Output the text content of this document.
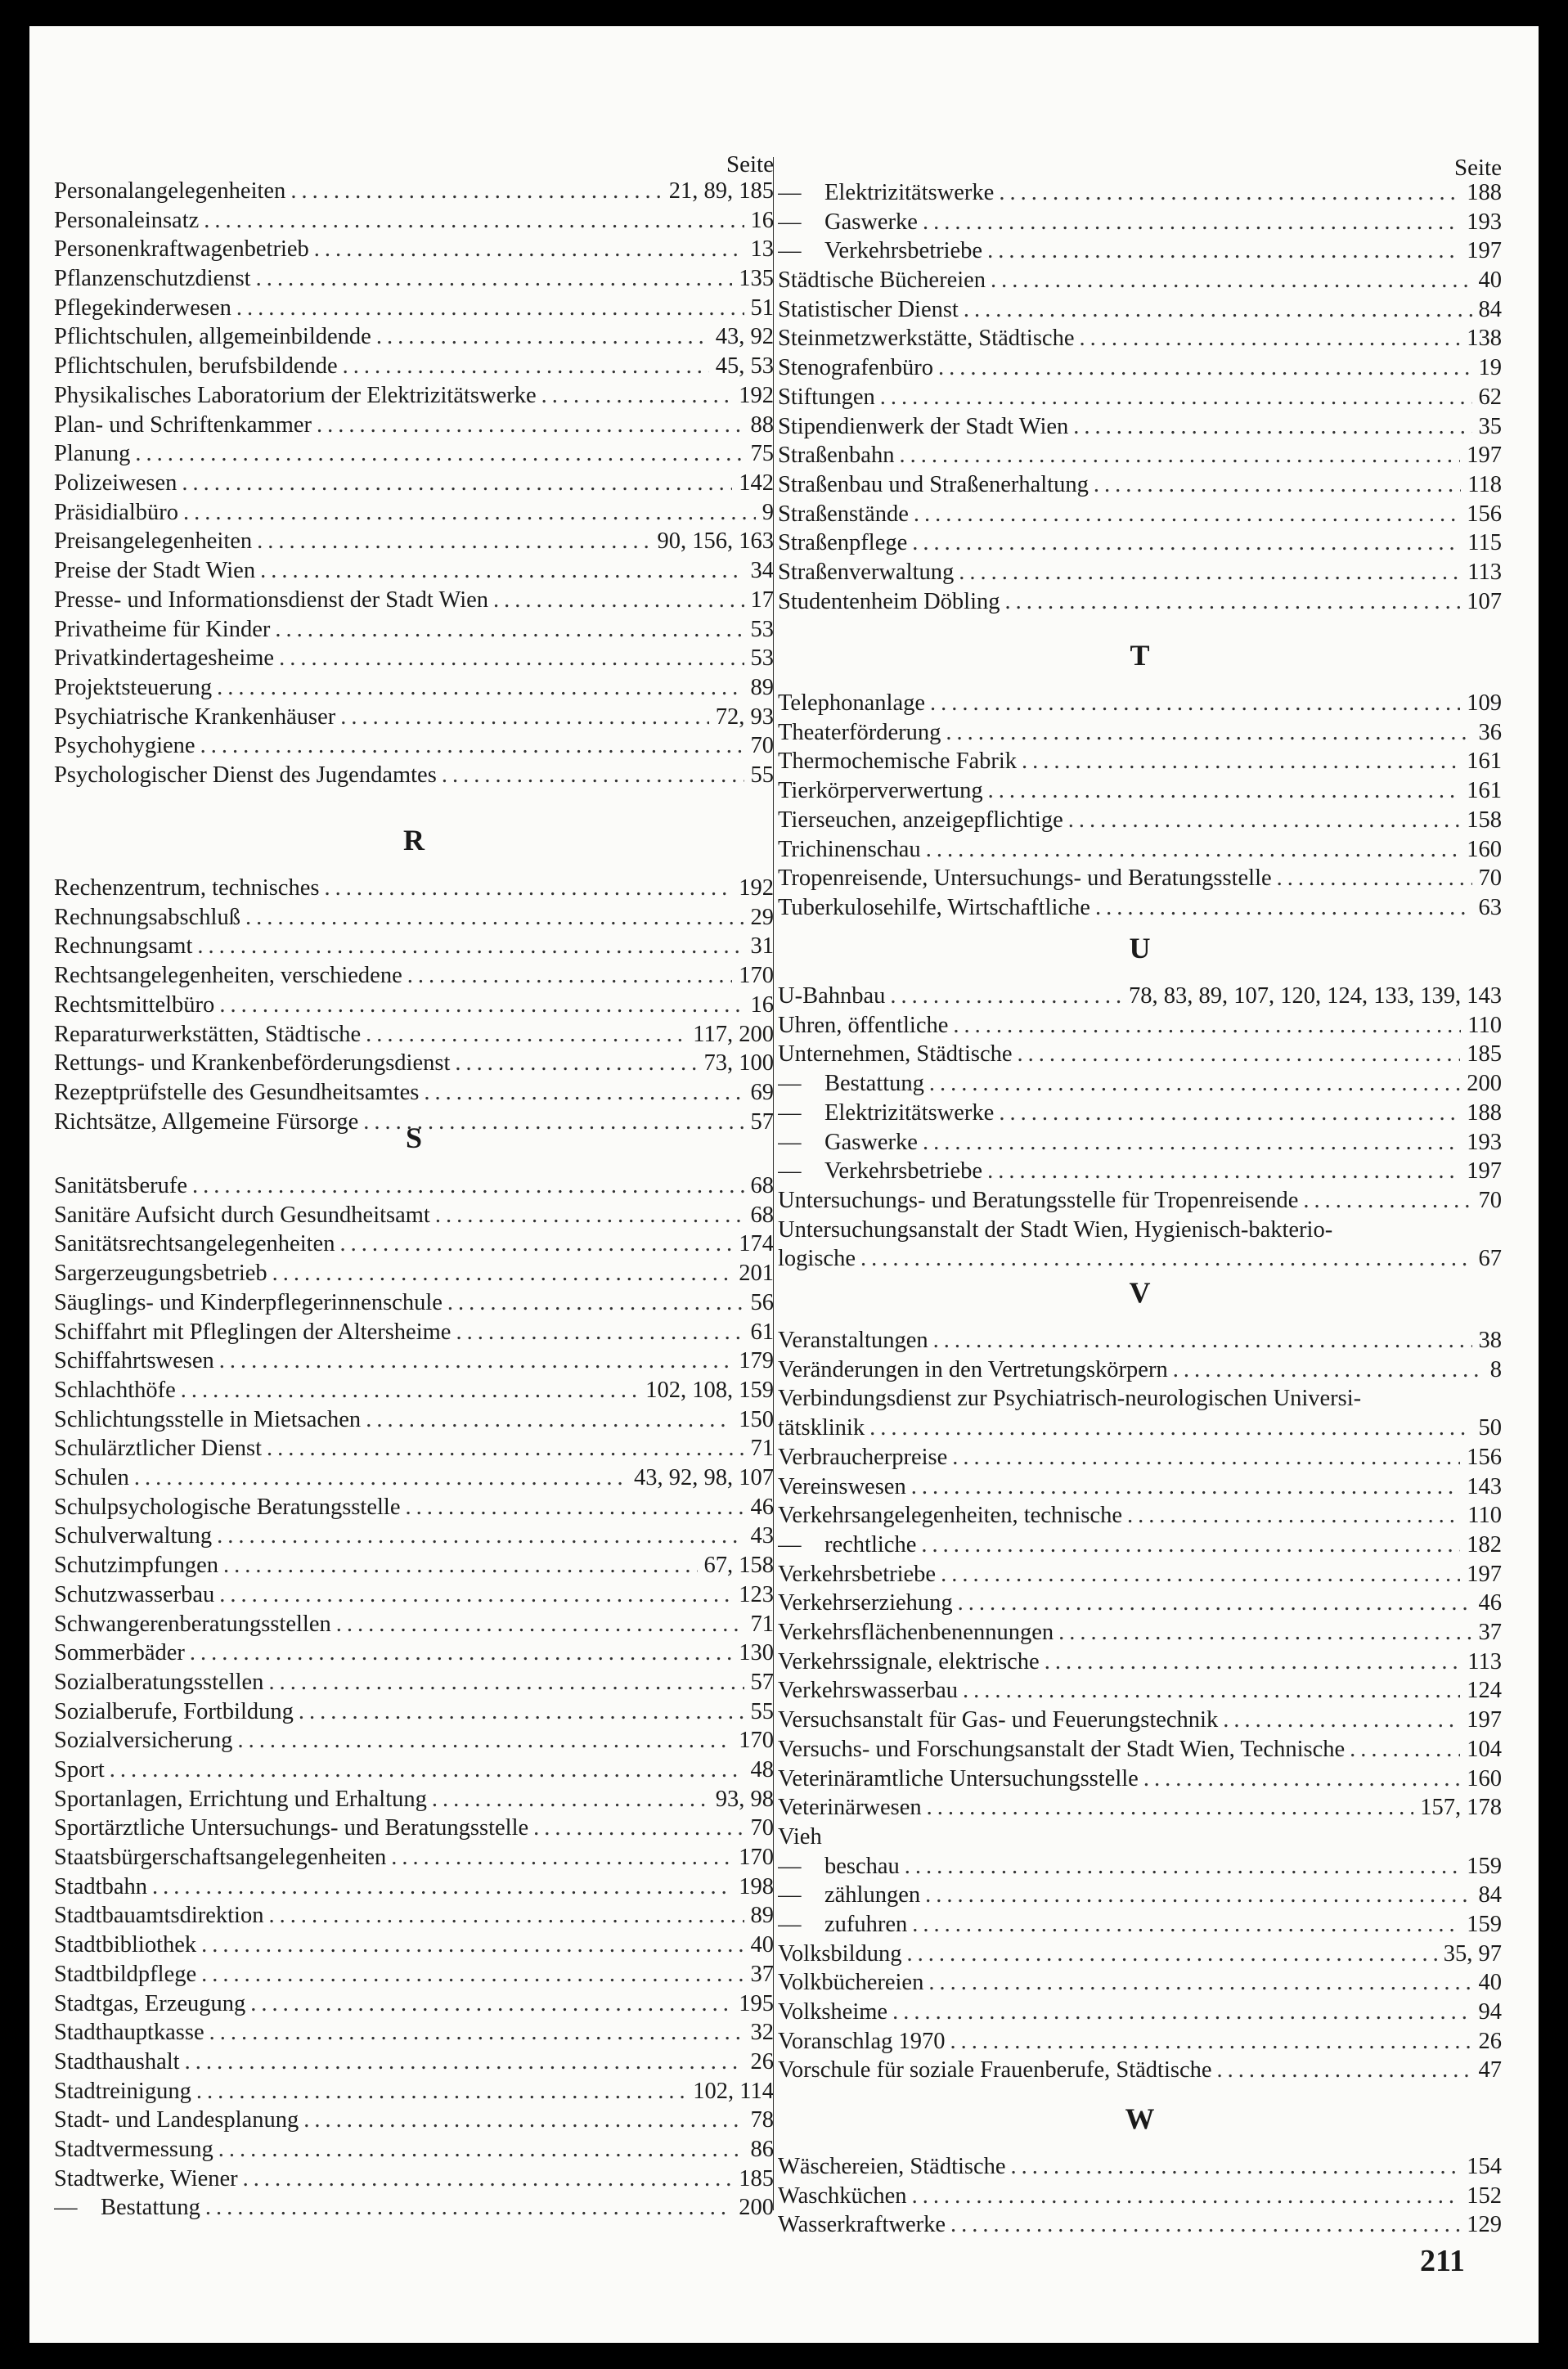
Seite
Personalangelegenheiten .....	21, 89, 185
Personaleinsatz .....	16
Personenkraftwagenbetrieb .....	13
Pflanzenschutzdienst .....	135
Pflegekinderwesen .....	51
Pflichtschulen, allgemeinbildende .....	43, 92
Pflichtschulen, berufsbildende .....	45, 53
Physikalisches Laboratorium der Elektrizitätswerke .....	192
Plan- und Schriftenkammer .....	88
Planung .....	75
Polizeiwesen .....	142
Präsidialbüro .....	9
Preisangelegenheiten .....	90, 156, 163
Preise der Stadt Wien .....	34
Presse- und Informationsdienst der Stadt Wien .....	17
Privatheime für Kinder .....	53
Privatkindertagesheime .....	53
Projektsteuerung .....	89
Psychiatrische Krankenhäuser .....	72, 93
Psychohygiene .....	70
Psychologischer Dienst des Jugendamtes .....	55
R
Rechenzentrum, technisches .....	192
Rechnungsabschluß .....	29
Rechnungsamt .....	31
Rechtsangelegenheiten, verschiedene .....	170
Rechtsmittelbüro .....	16
Reparaturwerkstätten, Städtische .....	117, 200
Rettungs- und Krankenbeförderungsdienst .....	73, 100
Rezeptprüfstelle des Gesundheitsamtes .....	69
Richtsätze, Allgemeine Fürsorge .....	57
S
Sanitätsberufe .....	68
Sanitäre Aufsicht durch Gesundheitsamt .....	68
Sanitätsrechtsangelegenheiten .....	174
Sargerzeugungsbetrieb .....	201
Säuglings- und Kinderpflegerinnenschule .....	56
Schiffahrt mit Pfleglingen der Altersheime .....	61
Schiffahrtswesen .....	179
Schlachthöfe .....	102, 108, 159
Schlichtungsstelle in Mietsachen .....	150
Schulärztlicher Dienst .....	71
Schulen .....	43, 92, 98, 107
Schulpsychologische Beratungsstelle .....	46
Schulverwaltung .....	43
Schutzimpfungen .....	67, 158
Schutzwasserbau .....	123
Schwangerenberatungsstellen .....	71
Sommerbäder .....	130
Sozialberatungsstellen .....	57
Sozialberufe, Fortbildung .....	55
Sozialversicherung .....	170
Sport .....	48
Sportanlagen, Errichtung und Erhaltung .....	93, 98
Sportärztliche Untersuchungs- und Beratungsstelle .....	70
Staatsbürgerschaftsangelegenheiten .....	170
Stadtbahn .....	198
Stadtbauamtsdirektion .....	89
Stadtbibliothek .....	40
Stadtbildpflege .....	37
Stadtgas, Erzeugung .....	195
Stadthauptkasse .....	32
Stadthaushalt .....	26
Stadtreinigung .....	102, 114
Stadt- und Landesplanung .....	78
Stadtvermessung .....	86
Stadtwerke, Wiener .....	185
—  Bestattung .....	200
Seite
—  Elektrizitätswerke .....	188
—  Gaswerke .....	193
—  Verkehrsbetriebe .....	197
Städtische Büchereien .....	40
Statistischer Dienst .....	84
Steinmetzwerkstätte, Städtische .....	138
Stenografenbüro .....	19
Stiftungen .....	62
Stipendienwerk der Stadt Wien .....	35
Straßenbahn .....	197
Straßenbau und Straßenerhaltung .....	118
Straßenstände .....	156
Straßenpflege .....	115
Straßenverwaltung .....	113
Studentenheim Döbling .....	107
T
Telephonanlage .....	109
Theaterförderung .....	36
Thermochemische Fabrik .....	161
Tierkörperverwertung .....	161
Tierseuchen, anzeigepflichtige .....	158
Trichinenschau .....	160
Tropenreisende, Untersuchungs- und Beratungsstelle .....	70
Tuberkulosehilfe, Wirtschaftliche .....	63
U
U-Bahnbau .....	78, 83, 89, 107, 120, 124, 133, 139, 143
Uhren, öffentliche .....	110
Unternehmen, Städtische .....	185
—  Bestattung .....	200
—  Elektrizitätswerke .....	188
—  Gaswerke .....	193
—  Verkehrsbetriebe .....	197
Untersuchungs- und Beratungsstelle für Tropenreisende .....	70
Untersuchungsanstalt der Stadt Wien, Hygienisch-bakterio-
logische .....	67
V
Veranstaltungen .....	38
Veränderungen in den Vertretungskörpern .....	8
Verbindungsdienst zur Psychiatrisch-neurologischen Universi-
tätsklinik .....	50
Verbraucherpreise .....	156
Vereinswesen .....	143
Verkehrsangelegenheiten, technische .....	110
—  rechtliche .....	182
Verkehrsbetriebe .....	197
Verkehrserziehung .....	46
Verkehrsflächenbenennungen .....	37
Verkehrssignale, elektrische .....	113
Verkehrswasserbau .....	124
Versuchsanstalt für Gas- und Feuerungstechnik .....	197
Versuchs- und Forschungsanstalt der Stadt Wien, Technische .....	104
Veterinäramtliche Untersuchungsstelle .....	160
Veterinärwesen .....	157, 178
Vieh
—  beschau .....	159
—  zählungen .....	84
—  zufuhren .....	159
Volksbildung .....	35, 97
Volkbüchereien .....	40
Volksheime .....	94
Voranschlag 1970 .....	26
Vorschule für soziale Frauenberufe, Städtische .....	47
W
Wäschereien, Städtische .....	154
Waschküchen .....	152
Wasserkraftwerke .....	129
211
